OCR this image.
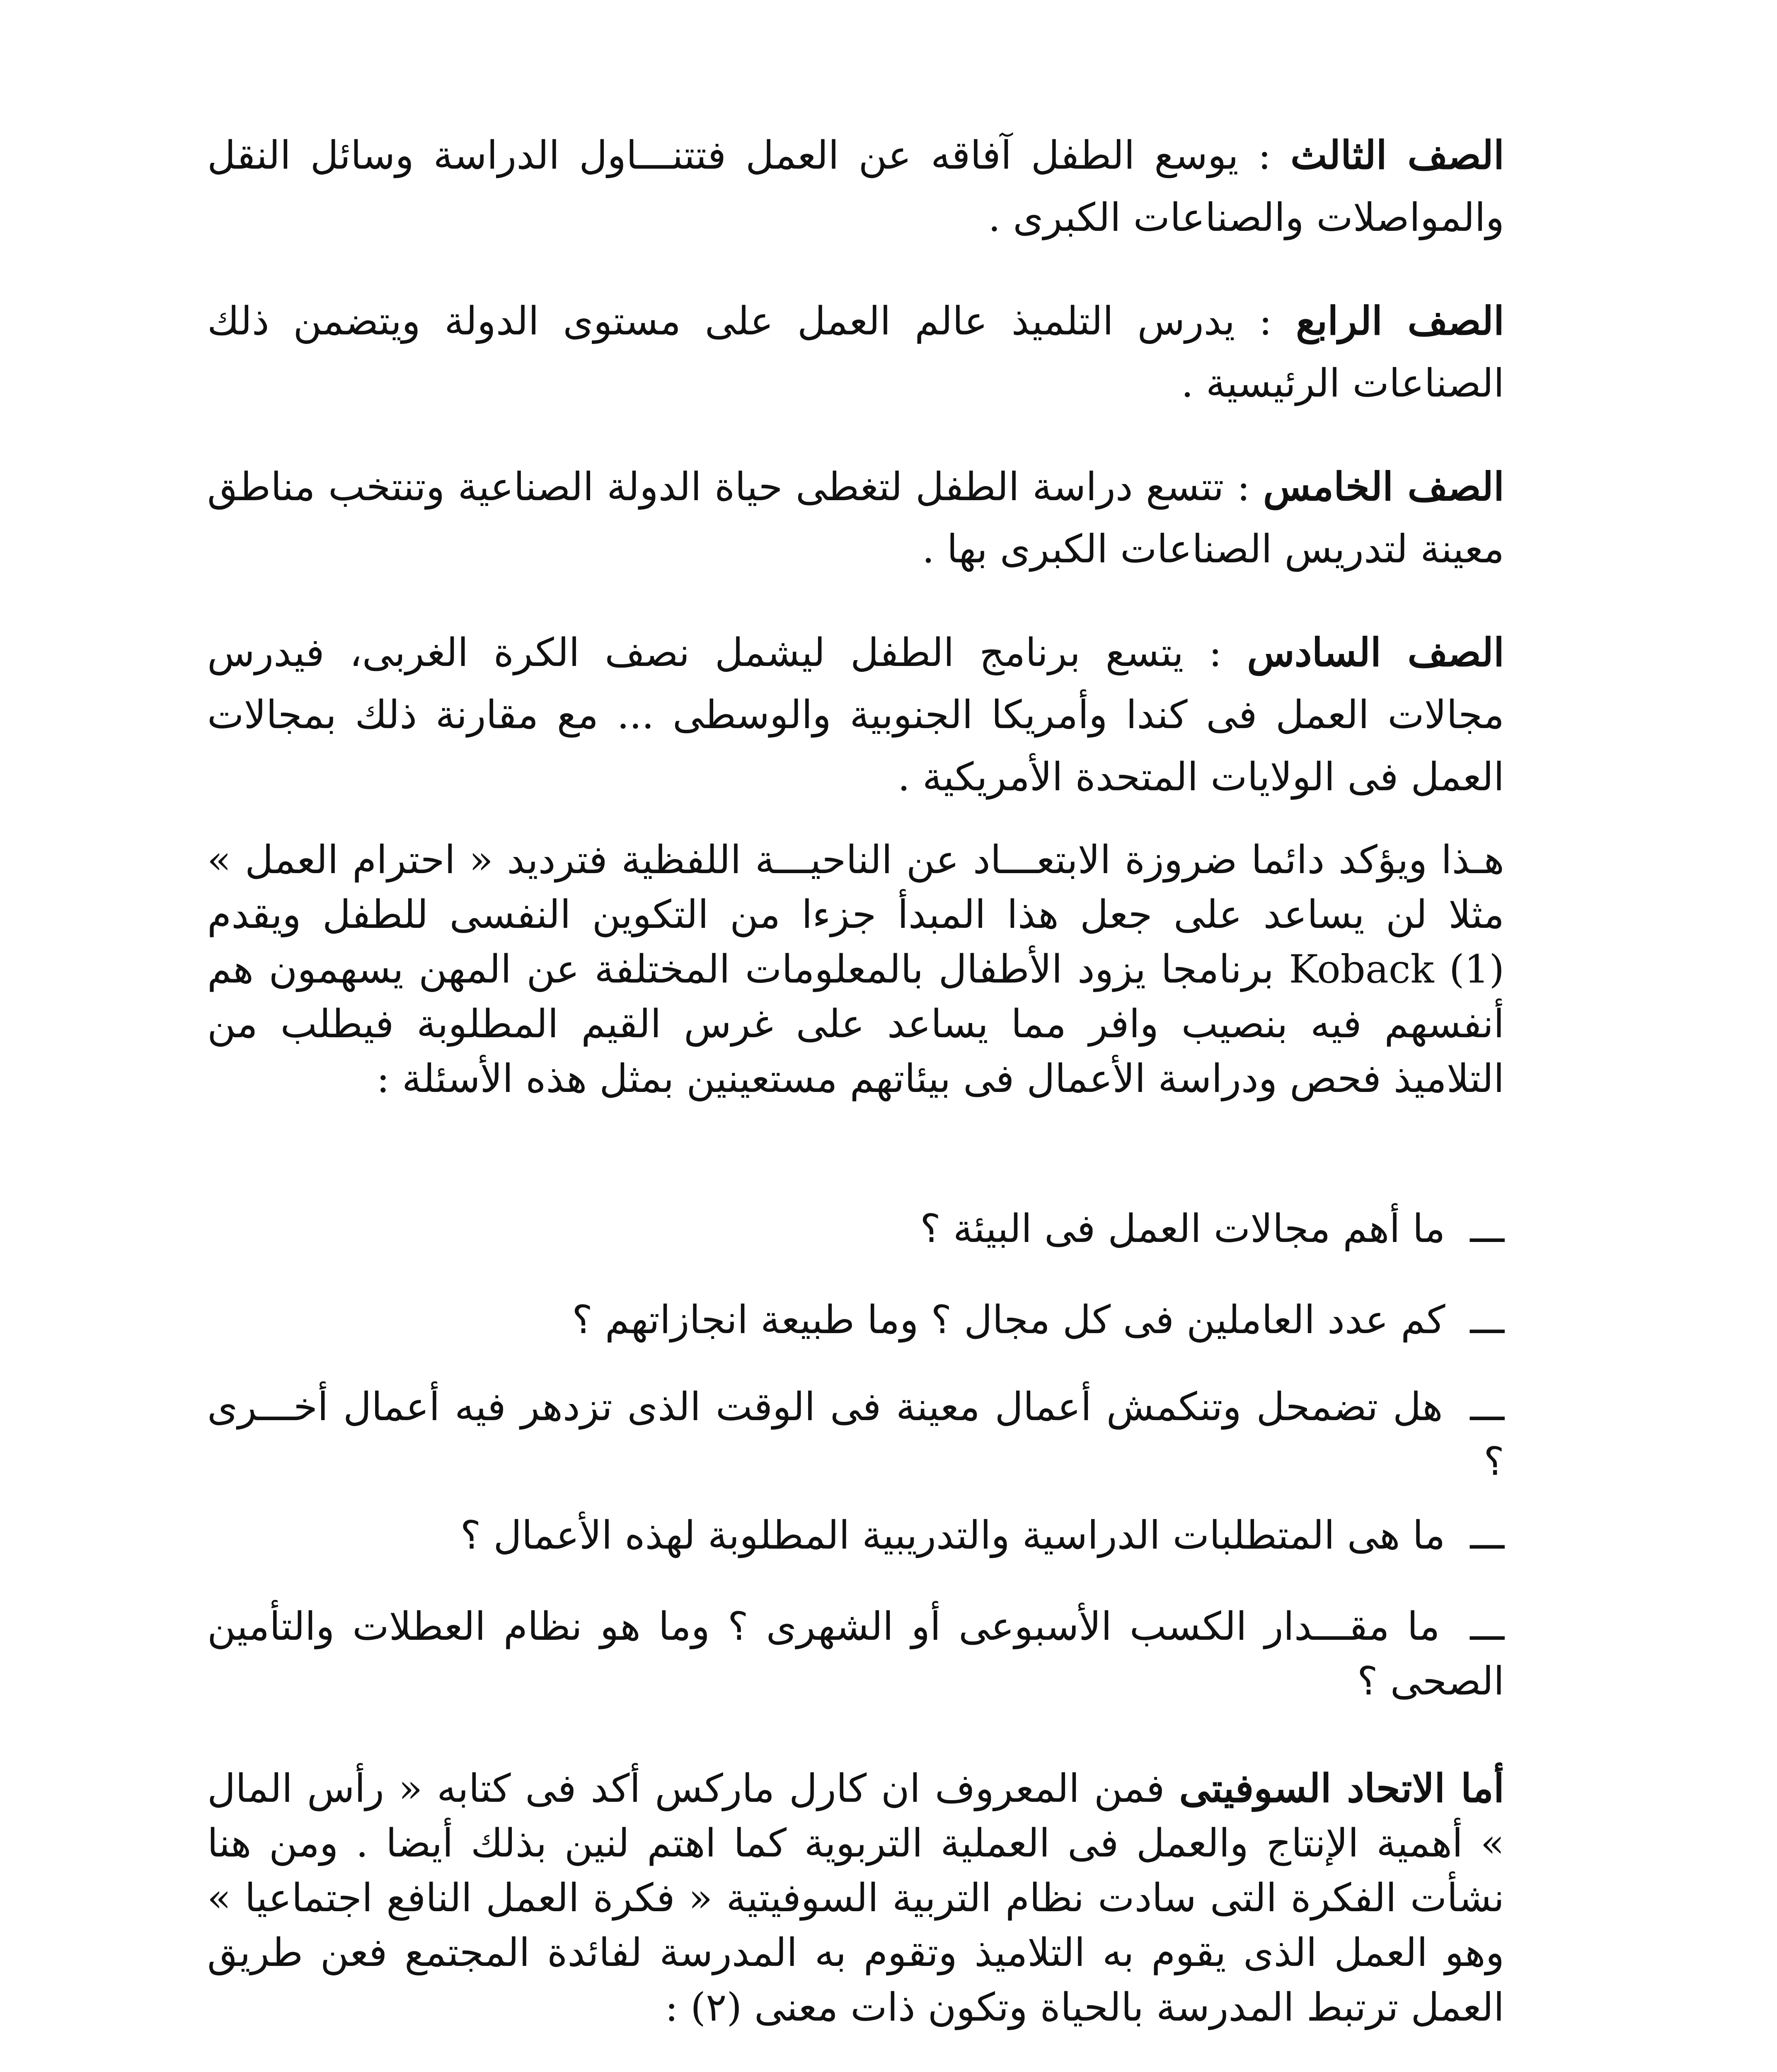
الصف الثالث : يوسع الطفل آفاقه عن العمل فتتنـــاول الدراسة وسائل النقل والمواصلات والصناعات الكبرى .
الصف الرابع : يدرس التلميذ عالم العمل على مستوى الدولة ويتضمن ذلك الصناعات الرئيسية .
الصف الخامس : تتسع دراسة الطفل لتغطى حياة الدولة الصناعية وتنتخب مناطق معينة لتدريس الصناعات الكبرى بها .
الصف السادس : يتسع برنامج الطفل ليشمل نصف الكرة الغربى، فيدرس مجالات العمل فى كندا وأمريكا الجنوبية والوسطى ... مع مقارنة ذلك بمجالات العمل فى الولايات المتحدة الأمريكية .
هـذا ويؤكد دائما ضروزة الابتعـــاد عن الناحيـــة اللفظية فترديد « احترام العمل » مثلا لن يساعد على جعل هذا المبدأ جزءا من التكوين النفسى للطفل ويقدم Koback (1) برنامجا يزود الأطفال بالمعلومات المختلفة عن المهن يسهمون هم أنفسهم فيه بنصيب وافر مما يساعد على غرس القيم المطلوبة فيطلب من التلاميذ فحص ودراسة الأعمال فى بيئاتهم مستعينين بمثل هذه الأسئلة :
ـــ ما أهم مجالات العمل فى البيئة ؟
ـــ كم عدد العاملين فى كل مجال ؟ وما طبيعة انجازاتهم ؟
ـــ هل تضمحل وتنكمش أعمال معينة فى الوقت الذى تزدهر فيه أعمال أخـــرى ؟
ـــ ما هى المتطلبات الدراسية والتدريبية المطلوبة لهذه الأعمال ؟
ـــ ما مقـــدار الكسب الأسبوعى أو الشهرى ؟ وما هو نظام العطلات والتأمين الصحى ؟
أما الاتحاد السوفيتى فمن المعروف ان كارل ماركس أكد فى كتابه « رأس المال » أهمية الإنتاج والعمل فى العملية التربوية كما اهتم لنين بذلك أيضا . ومن هنا نشأت الفكرة التى سادت نظام التربية السوفيتية « فكرة العمل النافع اجتماعيا » وهو العمل الذى يقوم به التلاميذ وتقوم به المدرسة لفائدة المجتمع فعن طريق العمل ترتبط المدرسة بالحياة وتكون ذات معنى (٢) :
